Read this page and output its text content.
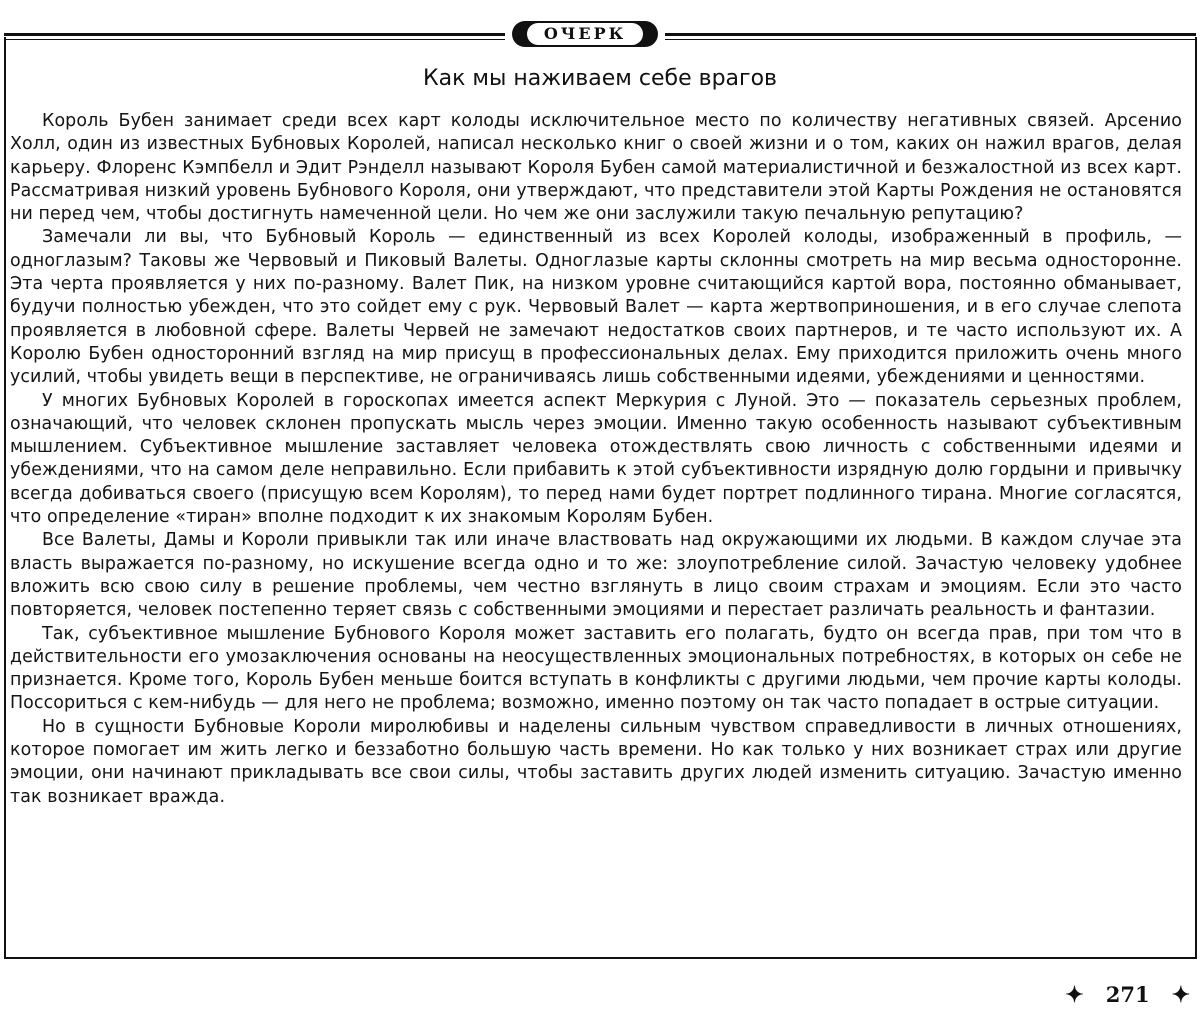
ОЧЕРК
Как мы наживаем себе врагов

Король Бубен занимает среди всех карт колоды исключительное место по количеству негативных связей. Арсенио Холл, один из известных Бубновых Королей, написал несколько книг о своей жизни и о том, каких он нажил врагов, делая карьеру. Флоренс Кэмпбелл и Эдит Рэнделл называют Короля Бубен самой материалистичной и безжалостной из всех карт. Рассматривая низкий уровень Бубнового Короля, они утверждают, что представители этой Карты Рождения не остановятся ни перед чем, чтобы достигнуть намеченной цели. Но чем же они заслужили такую печальную репутацию?

Замечали ли вы, что Бубновый Король — единственный из всех Королей колоды, изображенный в профиль, — одноглазым? Таковы же Червовый и Пиковый Валеты. Одноглазые карты склонны смотреть на мир весьма односторонне. Эта черта проявляется у них по-разному. Валет Пик, на низком уровне считающийся картой вора, постоянно обманывает, будучи полностью убежден, что это сойдет ему с рук. Червовый Валет — карта жертвоприношения, и в его случае слепота проявляется в любовной сфере. Валеты Червей не замечают недостатков своих партнеров, и те часто используют их. А Королю Бубен односторонний взгляд на мир присущ в профессиональных делах. Ему приходится приложить очень много усилий, чтобы увидеть вещи в перспективе, не ограничиваясь лишь собственными идеями, убеждениями и ценностями.

У многих Бубновых Королей в гороскопах имеется аспект Меркурия с Луной. Это — показатель серьезных проблем, означающий, что человек склонен пропускать мысль через эмоции. Именно такую особенность называют субъективным мышлением. Субъективное мышление заставляет человека отождествлять свою личность с собственными идеями и убеждениями, что на самом деле неправильно. Если прибавить к этой субъективности изрядную долю гордыни и привычку всегда добиваться своего (присущую всем Королям), то перед нами будет портрет подлинного тирана. Многие согласятся, что определение «тиран» вполне подходит к их знакомым Королям Бубен.

Все Валеты, Дамы и Короли привыкли так или иначе властвовать над окружающими их людьми. В каждом случае эта власть выражается по-разному, но искушение всегда одно и то же: злоупотребление силой. Зачастую человеку удобнее вложить всю свою силу в решение проблемы, чем честно взглянуть в лицо своим страхам и эмоциям. Если это часто повторяется, человек постепенно теряет связь с собственными эмоциями и перестает различать реальность и фантазии.

Так, субъективное мышление Бубнового Короля может заставить его полагать, будто он всегда прав, при том что в действительности его умозаключения основаны на неосуществленных эмоциональных потребностях, в которых он себе не признается. Кроме того, Король Бубен меньше боится вступать в конфликты с другими людьми, чем прочие карты колоды. Поссориться с кем-нибудь — для него не проблема; возможно, именно поэтому он так часто попадает в острые ситуации.

Но в сущности Бубновые Короли миролюбивы и наделены сильным чувством справедливости в личных отношениях, которое помогает им жить легко и беззаботно большую часть времени. Но как только у них возникает страх или другие эмоции, они начинают прикладывать все свои силы, чтобы заставить других людей изменить ситуацию. Зачастую именно так возникает вражда.

✦ 271 ✦
